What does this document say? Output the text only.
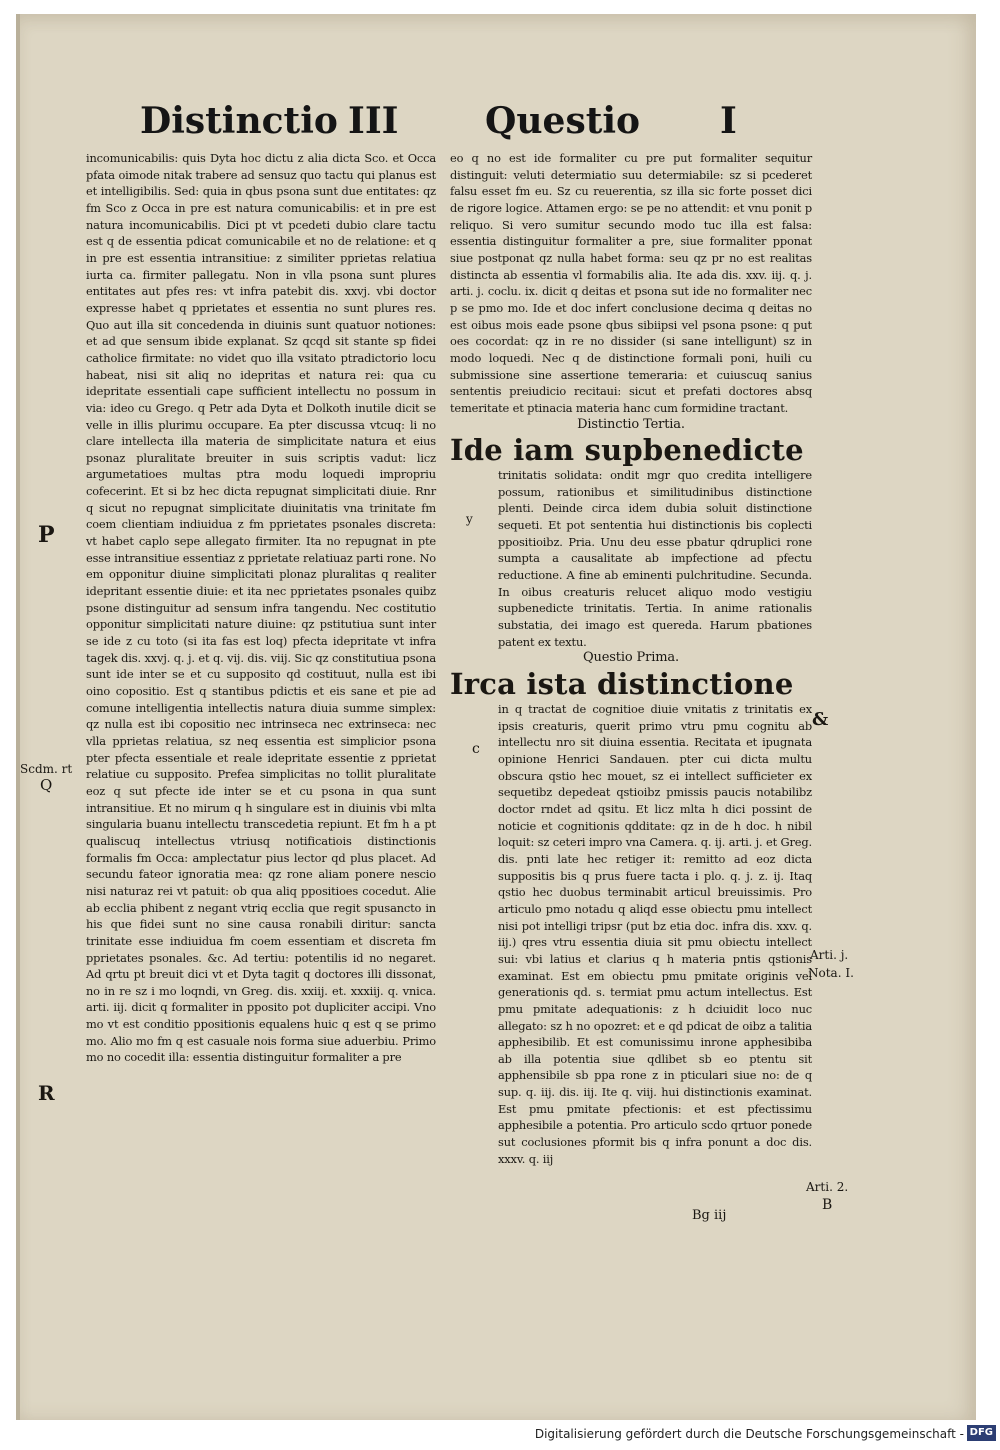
Distinctio III Questio I

incomunicabilis: quis Dyta hoc dictu z alia dicta Sco. et Occa pfata oimode nitak trabere ad sensuz quo tactu qui planus est et intelligibilis. Sed: quia in qbus psona sunt due entitates: qz fm Sco z Occa in pre est natura comunicabilis: et in pre est natura incomunicabilis. Dici pt vt pcedeti dubio clare tactu est q de essentia pdicat comunicabile et no de relatione: et q in pre est essentia intransitiue: z similiter pprietas relatiua iurta ca. firmiter pallegatu. Non in vlla psona sunt plures entitates aut pfes res: vt infra patebit dis. xxvj. vbi doctor expresse habet q pprietates et essentia no sunt plures res. Quo aut illa sit concedenda in diuinis sunt quatuor notiones: et ad que sensum ibide explanat. Sz qcqd sit stante sp fidei catholice firmitate: no videt quo illa vsitato ptradictorio locu habeat, nisi sit aliq no idepritas et natura rei: qua cu idepritate essentiali cape sufficient intellectu no possum in via: ideo cu Grego. q Petr ada Dyta et Dolkoth inutile dicit se velle in illis plurimu occupare. Ea pter discussa vtcuq: li no clare intellecta illa materia de simplicitate natura et eius psonaz pluralitate breuiter in suis scriptis vadut: licz argumetatioes multas ptra modu loquedi impropriu cofecerint. Et si bz hec dicta repugnat simplicitati diuie. Rnr q sicut no repugnat simplicitate diuinitatis vna trinitate fm coem clientiam indiuidua z fm pprietates psonales discreta: vt habet caplo sepe allegato firmiter. Ita no repugnat in pte esse intransitiue essentiaz z pprietate relatiuaz parti rone. No em opponitur diuine simplicitati plonaz pluralitas q realiter idepritant essentie diuie: et ita nec pprietates psonales quibz psone distinguitur ad sensum infra tangendu. Nec costitutio opponitur simplicitati nature diuine: qz pstitutiua sunt inter se ide z cu toto (si ita fas est loq) pfecta idepritate vt infra tagek dis. xxvj. q. j. et q. vij. dis. viij. Sic qz constitutiua psona sunt ide inter se et cu supposito qd costituut, nulla est ibi oino copositio. Est q stantibus pdictis et eis sane et pie ad comune intelligentia intellectis natura diuia summe simplex: qz nulla est ibi copositio nec intrinseca nec extrinseca: nec vlla pprietas relatiua, sz neq essentia est simplicior psona pter pfecta essentiale et reale idepritate essentie z pprietat relatiue cu supposito. Prefea simplicitas no tollit pluralitate eoz q sut pfecte ide inter se et cu psona in qua sunt intransitiue. Et no mirum q h singulare est in diuinis vbi mlta singularia buanu intellectu transcedetia repiunt. Et fm h a pt qualiscuq intellectus vtriusq notificatiois distinctionis formalis fm Occa: amplectatur pius lector qd plus placet. Ad secundu fateor ignoratia mea: qz rone aliam ponere nescio nisi naturaz rei vt patuit: ob qua aliq ppositioes cocedut. Alie ab ecclia phibent z negant vtriq ecclia que regit spusancto in his que fidei sunt no sine causa ronabili diritur: sancta trinitate esse indiuidua fm coem essentiam et discreta fm pprietates psonales. &c. Ad tertiu: potentilis id no negaret. Ad qrtu pt breuit dici vt et Dyta tagit q doctores illi dissonat, no in re sz i mo loqndi, vn Greg. dis. xxiij. et. xxxiij. q. vnica. arti. iij. dicit q formaliter in pposito pot dupliciter accipi. Vno mo vt est conditio ppositionis equalens huic q est q se primo mo. Alio mo fm q est casuale nois forma siue aduerbiu. Primo mo no cocedit illa: essentia distinguitur formaliter a pre

eo q no est ide formaliter cu pre put formaliter sequitur distinguit: veluti determiatio suu determiabile: sz si pcederet falsu esset fm eu. Sz cu reuerentia, sz illa sic forte posset dici de rigore logice. Attamen ergo: se pe no attendit: et vnu ponit p reliquo. Si vero sumitur secundo modo tuc illa est falsa: essentia distinguitur formaliter a pre, siue formaliter pponat siue postponat qz nulla habet forma: seu qz pr no est realitas distincta ab essentia vl formabilis alia. Ite ada dis. xxv. iij. q. j. arti. j. coclu. ix. dicit q deitas et psona sut ide no formaliter nec p se pmo mo. Ide et doc infert conclusione decima q deitas no est oibus mois eade psone qbus sibiipsi vel psona psone: q put oes cocordat: qz in re no dissider (si sane intelligunt) sz in modo loquedi. Nec q de distinctione formali poni, huili cu submissione sine assertione temeraria: et cuiuscuq sanius sententis preiudicio recitaui: sicut et prefati doctores absq temeritate et ptinacia materia hanc cum formidine tractant.

Distinctio Tertia.

Ide iam supbenedicte

trinitatis solidata: ondit mgr quo credita intelligere possum, rationibus et similitudinibus distinctione plenti. Deinde circa idem dubia soluit distinctione sequeti. Et pot sententia hui distinctionis bis coplecti ppositioibz. Pria. Unu deu esse pbatur qdruplici rone sumpta a causalitate ab impfectione ad pfectu reductione. A fine ab eminenti pulchritudine. Secunda. In oibus creaturis relucet aliquo modo vestigiu supbenedicte trinitatis. Tertia. In anime rationalis substatia, dei imago est quereda. Harum pbationes patent ex textu.

Questio Prima.

Irca ista distinctione

in q tractat de cognitioe diuie vnitatis z trinitatis ex ipsis creaturis, querit primo vtru pmu cognitu ab intellectu nro sit diuina essentia. Recitata et ipugnata opinione Henrici Sandauen. pter cui dicta multu obscura qstio hec mouet, sz ei intellect sufficieter ex sequetibz depedeat qstioibz pmissis paucis notabilibz doctor rndet ad qsitu. Et licz mlta h dici possint de noticie et cognitionis qdditate: qz in de h doc. h nibil loquit: sz ceteri impro vna Camera. q. ij. arti. j. et Greg. dis. pnti late hec retiger it: remitto ad eoz dicta suppositis bis q prus fuere tacta i plo. q. j. z. ij. Itaq qstio hec duobus terminabit articul breuissimis. Pro articulo pmo notadu q aliqd esse obiectu pmu intellect nisi pot intelligi tripsr (put bz etia doc. infra dis. xxv. q. iij.) qres vtru essentia diuia sit pmu obiectu intellect sui: vbi latius et clarius q h materia pntis qstionis examinat. Est em obiectu pmu pmitate originis vel generationis qd. s. termiat pmu actum intellectus. Est pmu pmitate adequationis: z h dciuidit loco nuc allegato: sz h no opozret: et e qd pdicat de oibz a talitia apphesibilib. Et est comunissimu inrone apphesibiba ab illa potentia siue qdlibet sb eo ptentu sit apphensibile sb ppa rone z in pticulari siue no: de q sup. q. iij. dis. iij. Ite q. viij. hui distinctionis examinat. Est pmu pmitate pfectionis: et est pfectissimu apphesibile a potentia. Pro articulo scdo qrtuor ponede sut coclusiones pformit bis q infra ponunt a doc dis. xxxv. q. iij

P
Scdm. rt
Q
R
y
c
&
Arti. j.
Nota. I.
Arti. 2.
B
Bg iij
Digitalisierung gefördert durch die Deutsche Forschungsgemeinschaft - DFG
